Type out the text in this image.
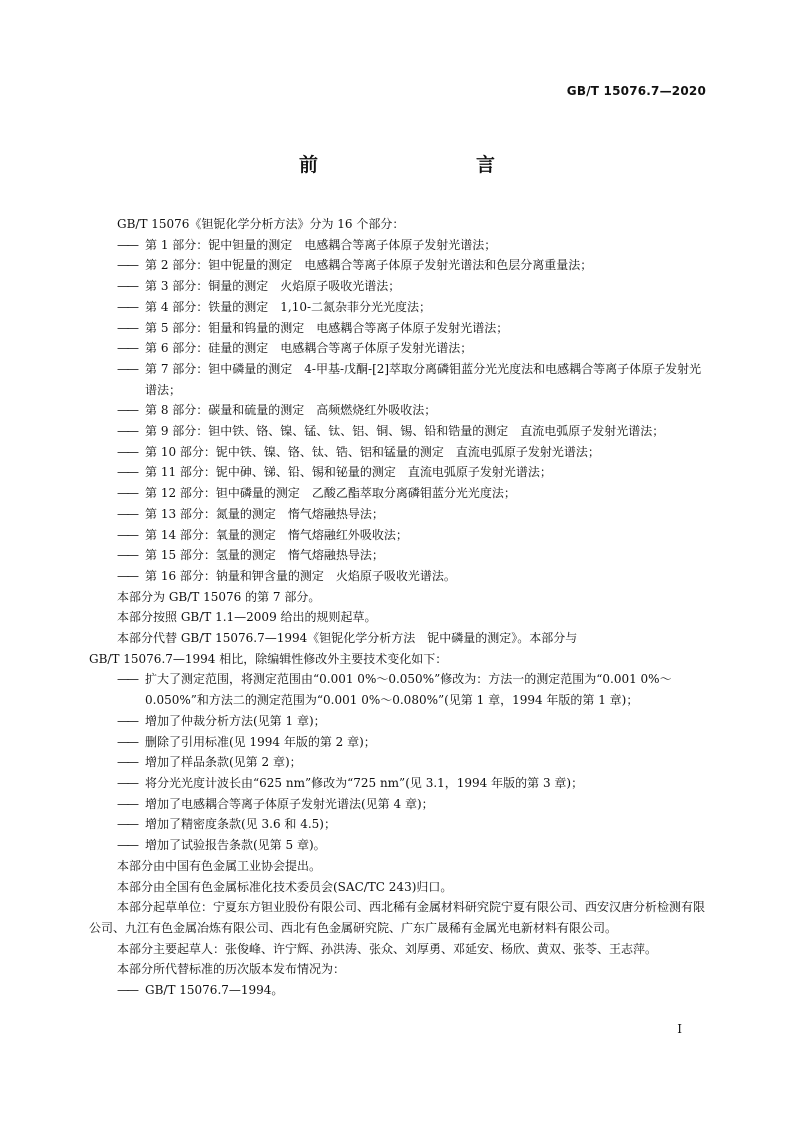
GB/T 15076.7—2020
前　　言

GB/T 15076《钽铌化学分析方法》分为 16 个部分：

—— 第 1 部分：铌中钽量的测定　电感耦合等离子体原子发射光谱法；

—— 第 2 部分：钽中铌量的测定　电感耦合等离子体原子发射光谱法和色层分离重量法；

—— 第 3 部分：铜量的测定　火焰原子吸收光谱法；

—— 第 4 部分：铁量的测定　1,10-二氮杂菲分光光度法；

—— 第 5 部分：钼量和钨量的测定　电感耦合等离子体原子发射光谱法；

—— 第 6 部分：硅量的测定　电感耦合等离子体原子发射光谱法；

—— 第 7 部分：钽中磷量的测定　4-甲基-戊酮-[2]萃取分离磷钼蓝分光光度法和电感耦合等离子体原子发射光谱法；

—— 第 8 部分：碳量和硫量的测定　高频燃烧红外吸收法；

—— 第 9 部分：钽中铁、铬、镍、锰、钛、铝、铜、锡、铅和锆量的测定　直流电弧原子发射光谱法；

—— 第 10 部分：铌中铁、镍、铬、钛、锆、铝和锰量的测定　直流电弧原子发射光谱法；

—— 第 11 部分：铌中砷、锑、铅、锡和铋量的测定　直流电弧原子发射光谱法；

—— 第 12 部分：钽中磷量的测定　乙酸乙酯萃取分离磷钼蓝分光光度法；

—— 第 13 部分：氮量的测定　惰气熔融热导法；

—— 第 14 部分：氧量的测定　惰气熔融红外吸收法；

—— 第 15 部分：氢量的测定　惰气熔融热导法；

—— 第 16 部分：钠量和钾含量的测定　火焰原子吸收光谱法。

本部分为 GB/T 15076 的第 7 部分。

本部分按照 GB/T 1.1—2009 给出的规则起草。

本部分代替 GB/T 15076.7—1994《钽铌化学分析方法　铌中磷量的测定》。本部分与

GB/T 15076.7—1994 相比，除编辑性修改外主要技术变化如下：

—— 扩大了测定范围，将测定范围由“0.001 0%～0.050%”修改为：方法一的测定范围为“0.001 0%～0.050%”和方法二的测定范围为“0.001 0%～0.080%”(见第 1 章，1994 年版的第 1 章)；

—— 增加了仲裁分析方法(见第 1 章)；

—— 删除了引用标准(见 1994 年版的第 2 章)；

—— 增加了样品条款(见第 2 章)；

—— 将分光光度计波长由“625 nm”修改为“725 nm”(见 3.1，1994 年版的第 3 章)；

—— 增加了电感耦合等离子体原子发射光谱法(见第 4 章)；

—— 增加了精密度条款(见 3.6 和 4.5)；

—— 增加了试验报告条款(见第 5 章)。

本部分由中国有色金属工业协会提出。

本部分由全国有色金属标准化技术委员会(SAC/TC 243)归口。

本部分起草单位：宁夏东方钽业股份有限公司、西北稀有金属材料研究院宁夏有限公司、西安汉唐分析检测有限公司、九江有色金属冶炼有限公司、西北有色金属研究院、广东广晟稀有金属光电新材料有限公司。

本部分主要起草人：张俊峰、许宁辉、孙洪涛、张众、刘厚勇、邓延安、杨欣、黄双、张苓、王志萍。

本部分所代替标准的历次版本发布情况为：

—— GB/T 15076.7—1994。

I
